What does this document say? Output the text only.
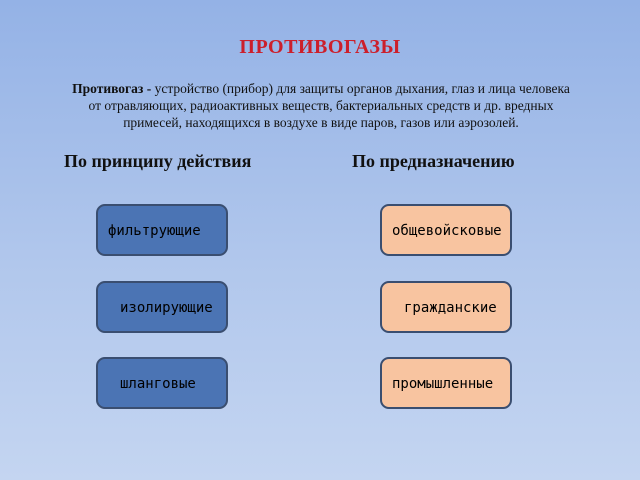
ПРОТИВОГАЗЫ
Противогаз - устройство (прибор) для защиты органов дыхания, глаз и лица человека от отравляющих, радиоактивных веществ, бактериальных средств и др. вредных примесей, находящихся в воздухе в виде паров, газов или аэрозолей.
По принципу действия	По предназначению
фильтрующие
изолирующие
шланговые
общевойсковые
гражданские
промышленные
